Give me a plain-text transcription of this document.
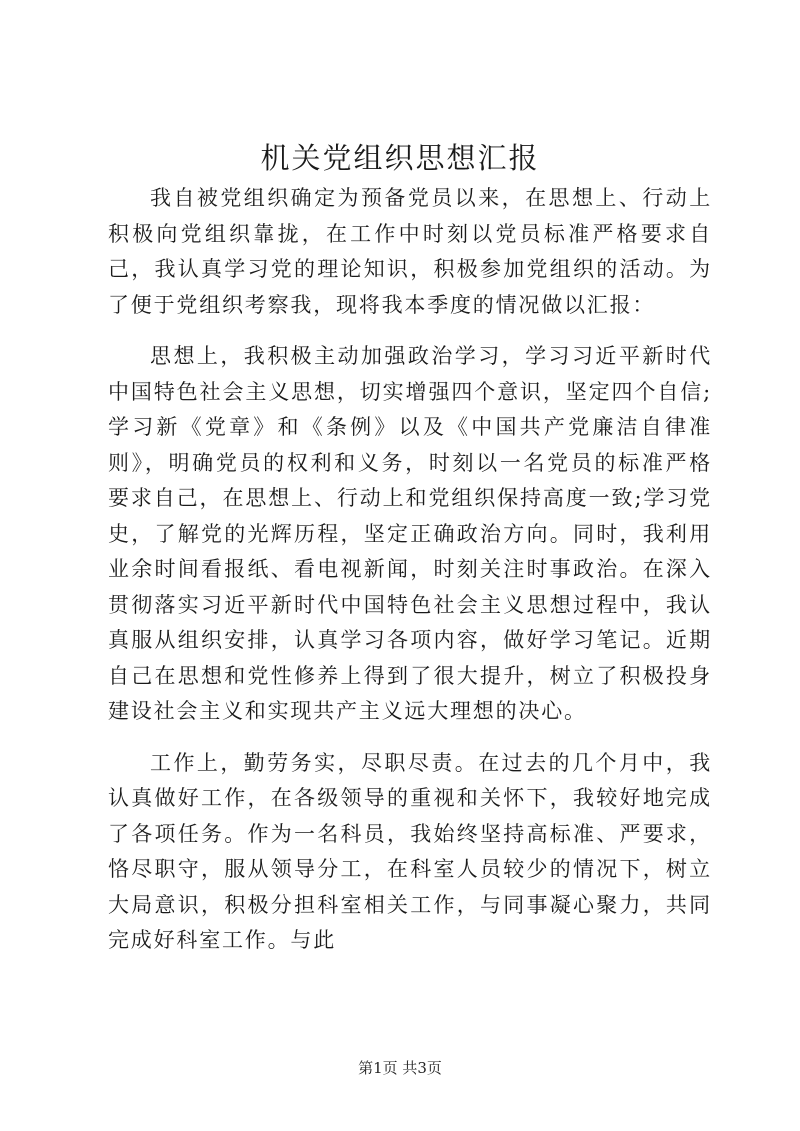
机关党组织思想汇报

我自被党组织确定为预备党员以来，在思想上、行动上积极向党组织靠拢，在工作中时刻以党员标准严格要求自己，我认真学习党的理论知识，积极参加党组织的活动。为了便于党组织考察我，现将我本季度的情况做以汇报：

思想上，我积极主动加强政治学习，学习习近平新时代中国特色社会主义思想，切实增强四个意识，坚定四个自信;学习新《党章》和《条例》以及《中国共产党廉洁自律准则》，明确党员的权利和义务，时刻以一名党员的标准严格要求自己，在思想上、行动上和党组织保持高度一致;学习党史，了解党的光辉历程，坚定正确政治方向。同时，我利用业余时间看报纸、看电视新闻，时刻关注时事政治。在深入贯彻落实习近平新时代中国特色社会主义思想过程中，我认真服从组织安排，认真学习各项内容，做好学习笔记。近期自己在思想和党性修养上得到了很大提升，树立了积极投身建设社会主义和实现共产主义远大理想的决心。

工作上，勤劳务实，尽职尽责。在过去的几个月中，我认真做好工作，在各级领导的重视和关怀下，我较好地完成了各项任务。作为一名科员，我始终坚持高标准、严要求，恪尽职守，服从领导分工，在科室人员较少的情况下，树立大局意识，积极分担科室相关工作，与同事凝心聚力，共同完成好科室工作。与此

第1页 共3页
